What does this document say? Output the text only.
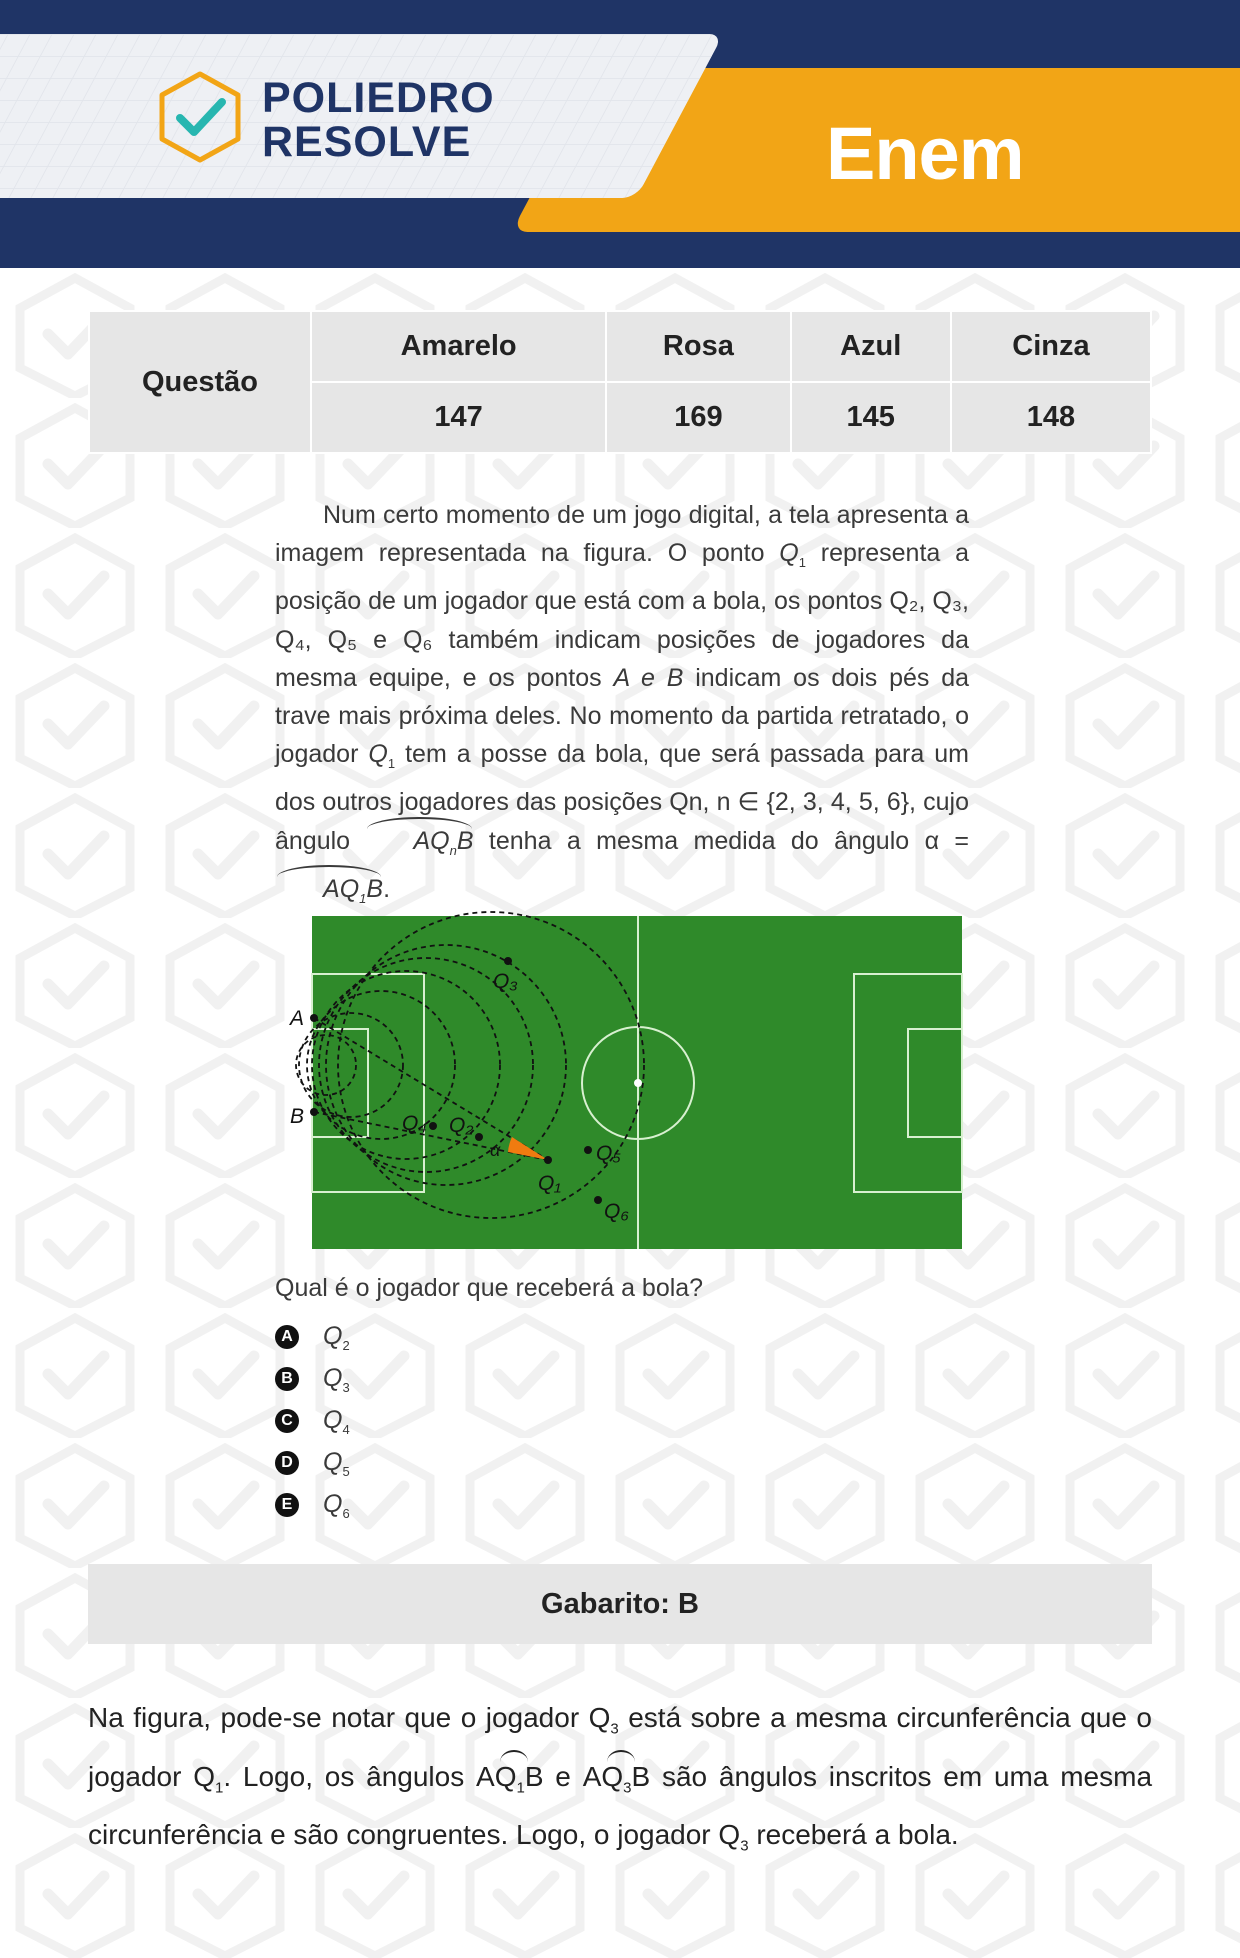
POLIEDRO
RESOLVE	Enem
Questão	Amarelo	Rosa	Azul	Cinza
	147	169	145	148

Num certo momento de um jogo digital, a tela apresenta a imagem representada na figura. O ponto $Q_1$ representa a posição de um jogador que está com a bola, os pontos Q₂, Q₃, Q₄, Q₅ e Q₆ também indicam posições de jogadores da mesma equipe, e os pontos A e B indicam os dois pés da trave mais próxima deles. No momento da partida retratado, o jogador $Q_1$ tem a posse da bola, que será passada para um dos outros jogadores das posições Qn, n ∈ {2, 3, 4, 5, 6}, cujo ângulo $AQ_nB$ tenha a mesma medida do ângulo $\alpha = AQ_1B$.

A
B
α
Q₁
Q₂
Q₃
Q₄
Q₅
Q₆
Qual é o jogador que receberá a bola?
A $Q_2$
B $Q_3$
C $Q_4$
D $Q_5$
E $Q_6$
Gabarito: B

Na figura, pode-se notar que o jogador $Q_3$ está sobre a mesma circunferência que o jogador $Q_1$. Logo, os ângulos $AQ_1B$ e $AQ_3B$ são ângulos inscritos em uma mesma circunferência e são congruentes. Logo, o jogador $Q_3$ receberá a bola.
